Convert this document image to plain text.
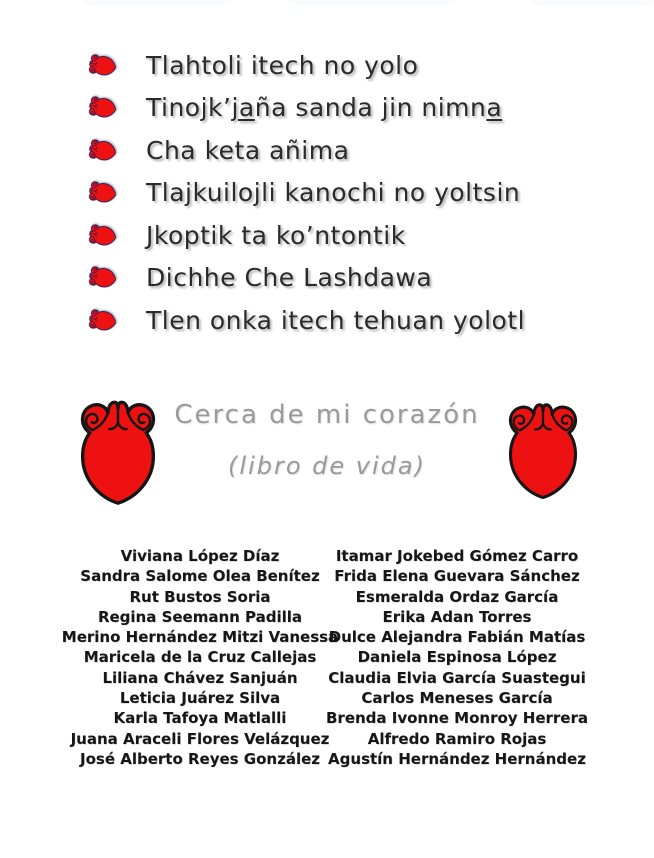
Tlahtoli itech no yolo
Tinojk’jaña sanda jin nimna
Cha keta añima
Tlajkuilojli kanochi no yoltsin
Jkoptik ta ko’ntontik
Dichhe Che Lashdawa
Tlen onka itech tehuan yolotl
Cerca de mi corazón
(libro de vida)
Viviana López Díaz
Sandra Salome Olea Benítez
Rut Bustos Soria
Regina Seemann Padilla
Merino Hernández Mitzi Vanessa
Maricela de la Cruz Callejas
Liliana Chávez Sanjuán
Leticia Juárez Silva
Karla Tafoya Matlalli
Juana Araceli Flores Velázquez
José Alberto Reyes González
Itamar Jokebed Gómez Carro
Frida Elena Guevara Sánchez
Esmeralda Ordaz García
Erika Adan Torres
Dulce Alejandra Fabián Matías
Daniela Espinosa López
Claudia Elvia García Suastegui
Carlos Meneses García
Brenda Ivonne Monroy Herrera
Alfredo Ramiro Rojas
Agustín Hernández Hernández
